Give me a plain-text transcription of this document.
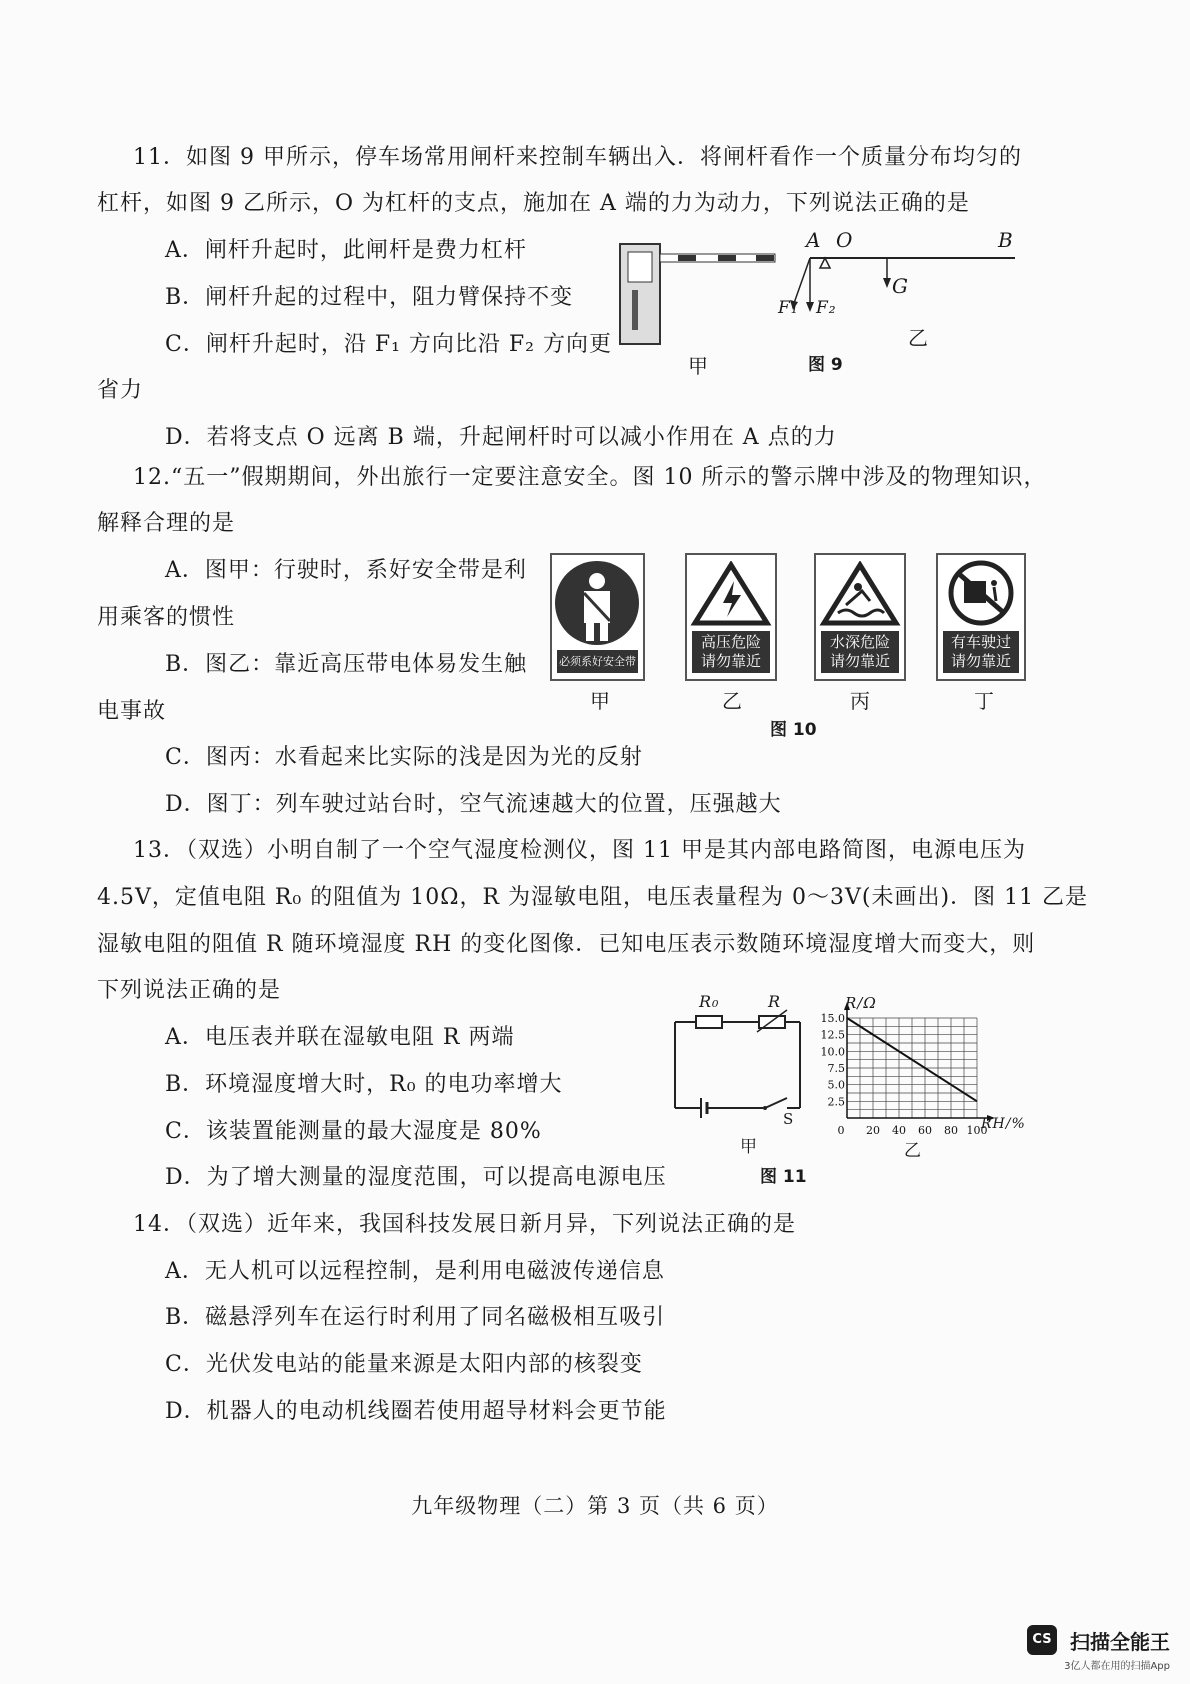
11．如图 9 甲所示，停车场常用闸杆来控制车辆出入．将闸杆看作一个质量分布均匀的
杠杆，如图 9 乙所示，O 为杠杆的支点，施加在 A 端的力为动力，下列说法正确的是
A．闸杆升起时，此闸杆是费力杠杆
B．闸杆升起的过程中，阻力臂保持不变
C．闸杆升起时，沿 F₁ 方向比沿 F₂ 方向更
省力
D．若将支点 O 远离 B 端，升起闸杆时可以减小作用在 A 点的力
甲
A O	B
F₁ F₂
G
乙
图 9
12.“五一”假期期间，外出旅行一定要注意安全。图 10 所示的警示牌中涉及的物理知识，
解释合理的是
A．图甲：行驶时，系好安全带是利
用乘客的惯性
B．图乙：靠近高压带电体易发生触
电事故
C．图丙：水看起来比实际的浅是因为光的反射
D．图丁：列车驶过站台时，空气流速越大的位置，压强越大
必须系好安全带
高压危险 请勿靠近
水深危险 请勿靠近
有车驶过 请勿靠近
甲	乙	丙	丁
图 10
13．（双选）小明自制了一个空气湿度检测仪，图 11 甲是其内部电路简图，电源电压为
4.5V，定值电阻 R₀ 的阻值为 10Ω，R 为湿敏电阻，电压表量程为 0～3V(未画出)．图 11 乙是
湿敏电阻的阻值 R 随环境湿度 RH 的变化图像．已知电压表示数随环境湿度增大而变大，则
下列说法正确的是
A．电压表并联在湿敏电阻 R 两端
B．环境湿度增大时，R₀ 的电功率增大
C．该装置能测量的最大湿度是 80%
D．为了增大测量的湿度范围，可以提高电源电压
R₀	R
S
甲
15.0
12.5
10.0
7.5
5.0
2.5
0 20 40 60 80 100
R/Ω
RH/%
乙
图 11
14．（双选）近年来，我国科技发展日新月异，下列说法正确的是
A．无人机可以远程控制，是利用电磁波传递信息
B．磁悬浮列车在运行时利用了同名磁极相互吸引
C．光伏发电站的能量来源是太阳内部的核裂变
D．机器人的电动机线圈若使用超导材料会更节能
九年级物理（二）第 3 页（共 6 页）
CS 扫描全能王
3亿人都在用的扫描App
